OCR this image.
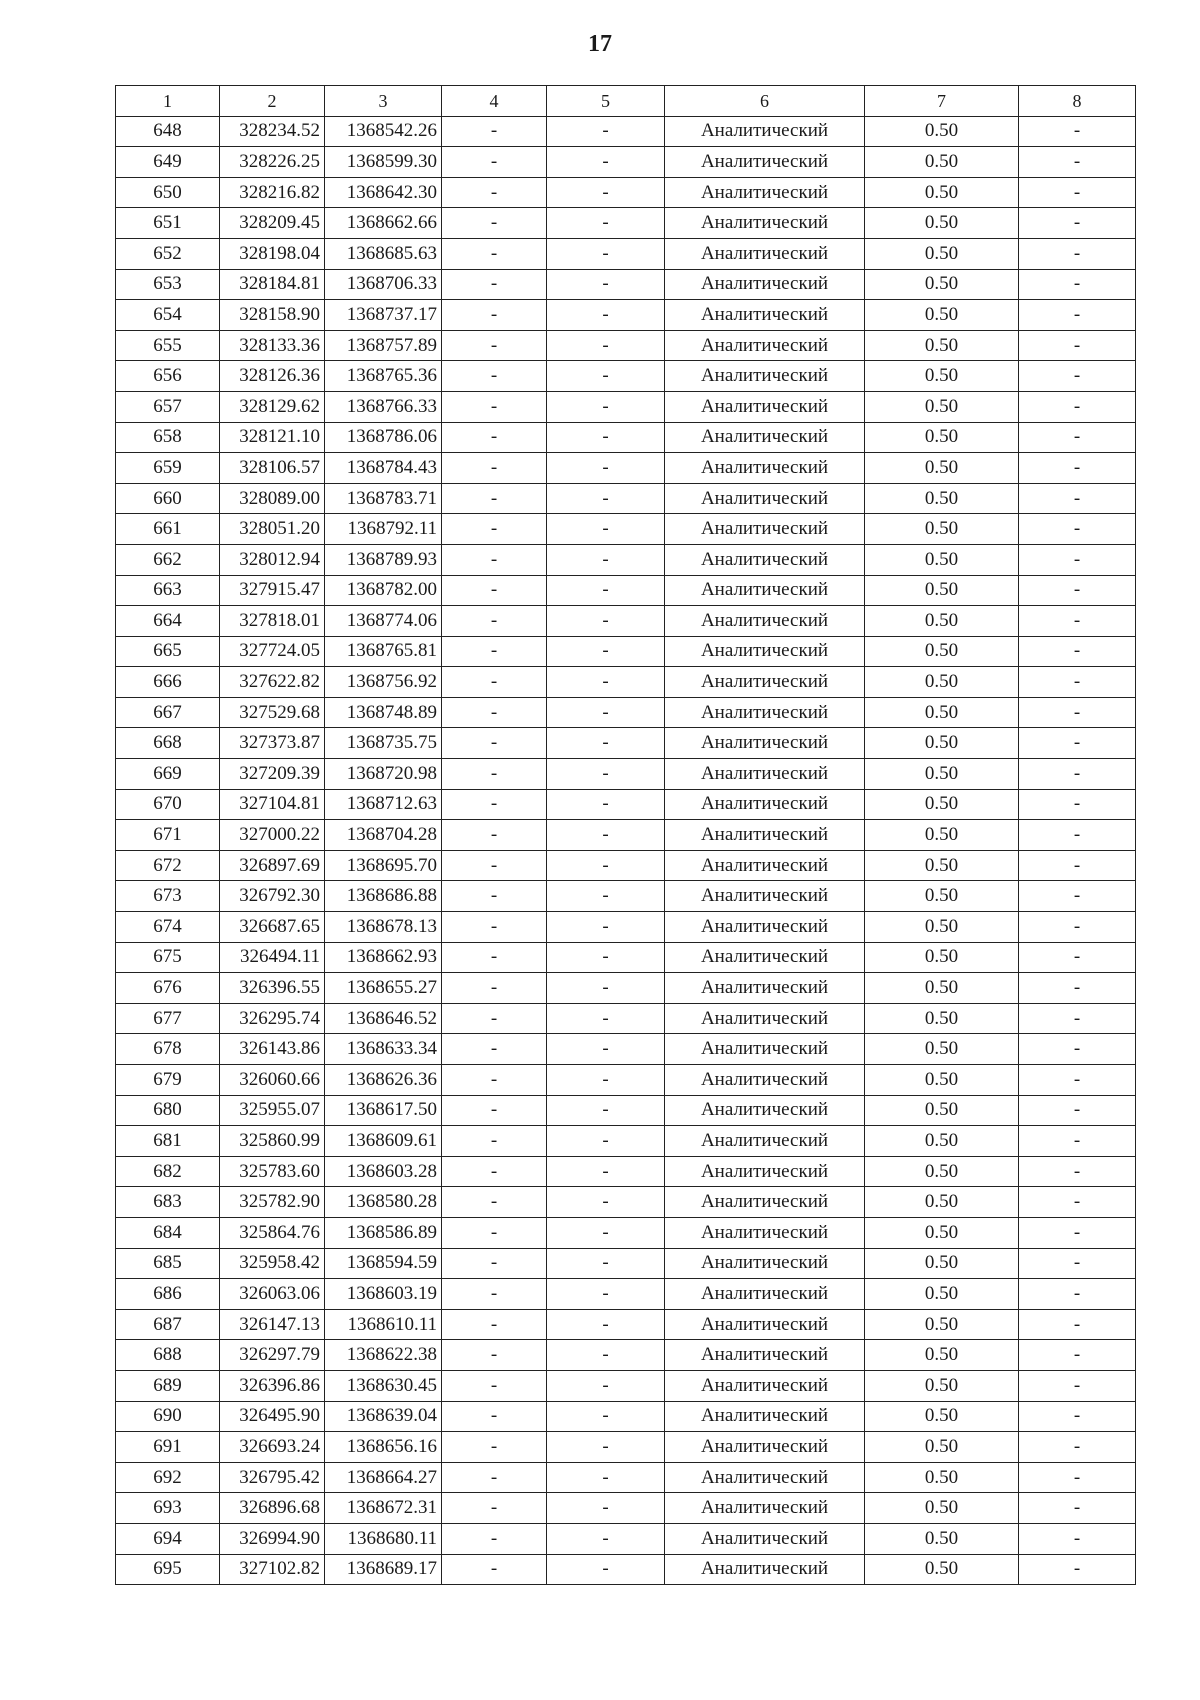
17
1	2	3	4	5	6	7	8
648	328234.52	1368542.26	-	-	Аналитический	0.50	-
649	328226.25	1368599.30	-	-	Аналитический	0.50	-
650	328216.82	1368642.30	-	-	Аналитический	0.50	-
651	328209.45	1368662.66	-	-	Аналитический	0.50	-
652	328198.04	1368685.63	-	-	Аналитический	0.50	-
653	328184.81	1368706.33	-	-	Аналитический	0.50	-
654	328158.90	1368737.17	-	-	Аналитический	0.50	-
655	328133.36	1368757.89	-	-	Аналитический	0.50	-
656	328126.36	1368765.36	-	-	Аналитический	0.50	-
657	328129.62	1368766.33	-	-	Аналитический	0.50	-
658	328121.10	1368786.06	-	-	Аналитический	0.50	-
659	328106.57	1368784.43	-	-	Аналитический	0.50	-
660	328089.00	1368783.71	-	-	Аналитический	0.50	-
661	328051.20	1368792.11	-	-	Аналитический	0.50	-
662	328012.94	1368789.93	-	-	Аналитический	0.50	-
663	327915.47	1368782.00	-	-	Аналитический	0.50	-
664	327818.01	1368774.06	-	-	Аналитический	0.50	-
665	327724.05	1368765.81	-	-	Аналитический	0.50	-
666	327622.82	1368756.92	-	-	Аналитический	0.50	-
667	327529.68	1368748.89	-	-	Аналитический	0.50	-
668	327373.87	1368735.75	-	-	Аналитический	0.50	-
669	327209.39	1368720.98	-	-	Аналитический	0.50	-
670	327104.81	1368712.63	-	-	Аналитический	0.50	-
671	327000.22	1368704.28	-	-	Аналитический	0.50	-
672	326897.69	1368695.70	-	-	Аналитический	0.50	-
673	326792.30	1368686.88	-	-	Аналитический	0.50	-
674	326687.65	1368678.13	-	-	Аналитический	0.50	-
675	326494.11	1368662.93	-	-	Аналитический	0.50	-
676	326396.55	1368655.27	-	-	Аналитический	0.50	-
677	326295.74	1368646.52	-	-	Аналитический	0.50	-
678	326143.86	1368633.34	-	-	Аналитический	0.50	-
679	326060.66	1368626.36	-	-	Аналитический	0.50	-
680	325955.07	1368617.50	-	-	Аналитический	0.50	-
681	325860.99	1368609.61	-	-	Аналитический	0.50	-
682	325783.60	1368603.28	-	-	Аналитический	0.50	-
683	325782.90	1368580.28	-	-	Аналитический	0.50	-
684	325864.76	1368586.89	-	-	Аналитический	0.50	-
685	325958.42	1368594.59	-	-	Аналитический	0.50	-
686	326063.06	1368603.19	-	-	Аналитический	0.50	-
687	326147.13	1368610.11	-	-	Аналитический	0.50	-
688	326297.79	1368622.38	-	-	Аналитический	0.50	-
689	326396.86	1368630.45	-	-	Аналитический	0.50	-
690	326495.90	1368639.04	-	-	Аналитический	0.50	-
691	326693.24	1368656.16	-	-	Аналитический	0.50	-
692	326795.42	1368664.27	-	-	Аналитический	0.50	-
693	326896.68	1368672.31	-	-	Аналитический	0.50	-
694	326994.90	1368680.11	-	-	Аналитический	0.50	-
695	327102.82	1368689.17	-	-	Аналитический	0.50	-
